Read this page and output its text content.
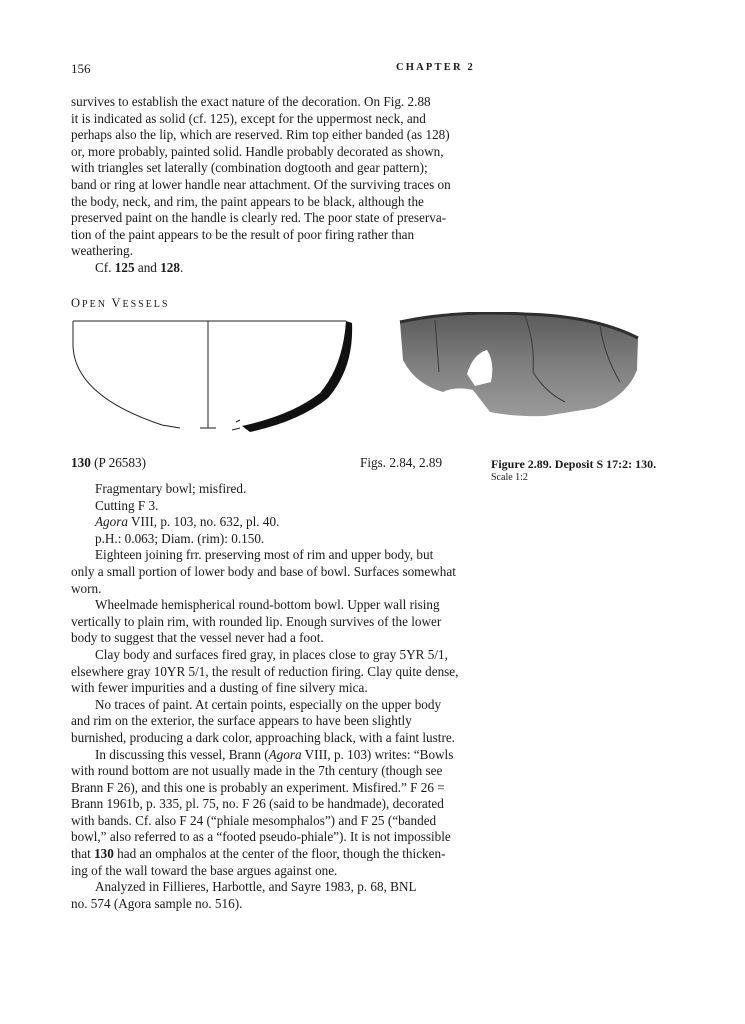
156	CHAPTER 2
survives to establish the exact nature of the decoration. On Fig. 2.88
it is indicated as solid (cf. 125), except for the uppermost neck, and
perhaps also the lip, which are reserved. Rim top either banded (as 128)
or, more probably, painted solid. Handle probably decorated as shown,
with triangles set laterally (combination dogtooth and gear pattern);
band or ring at lower handle near attachment. Of the surviving traces on
the body, neck, and rim, the paint appears to be black, although the
preserved paint on the handle is clearly red. The poor state of preserva-
tion of the paint appears to be the result of poor firing rather than
weathering.
Cf. 125 and 128.
OPEN VESSELS
130 (P 26583)	Figs. 2.84, 2.89	Figure 2.89. Deposit S 17:2: 130.
Scale 1:2
Fragmentary bowl; misfired.
Cutting F 3.
Agora VIII, p. 103, no. 632, pl. 40.
p.H.: 0.063; Diam. (rim): 0.150.
Eighteen joining frr. preserving most of rim and upper body, but
only a small portion of lower body and base of bowl. Surfaces somewhat
worn.
Wheelmade hemispherical round-bottom bowl. Upper wall rising
vertically to plain rim, with rounded lip. Enough survives of the lower
body to suggest that the vessel never had a foot.
Clay body and surfaces fired gray, in places close to gray 5YR 5/1,
elsewhere gray 10YR 5/1, the result of reduction firing. Clay quite dense,
with fewer impurities and a dusting of fine silvery mica.
No traces of paint. At certain points, especially on the upper body
and rim on the exterior, the surface appears to have been slightly
burnished, producing a dark color, approaching black, with a faint lustre.
In discussing this vessel, Brann (Agora VIII, p. 103) writes: “Bowls
with round bottom are not usually made in the 7th century (though see
Brann F 26), and this one is probably an experiment. Misfired.” F 26 =
Brann 1961b, p. 335, pl. 75, no. F 26 (said to be handmade), decorated
with bands. Cf. also F 24 (“phiale mesomphalos”) and F 25 (“banded
bowl,” also referred to as a “footed pseudo-phiale”). It is not impossible
that 130 had an omphalos at the center of the floor, though the thicken-
ing of the wall toward the base argues against one.
Analyzed in Fillieres, Harbottle, and Sayre 1983, p. 68, BNL
no. 574 (Agora sample no. 516).
